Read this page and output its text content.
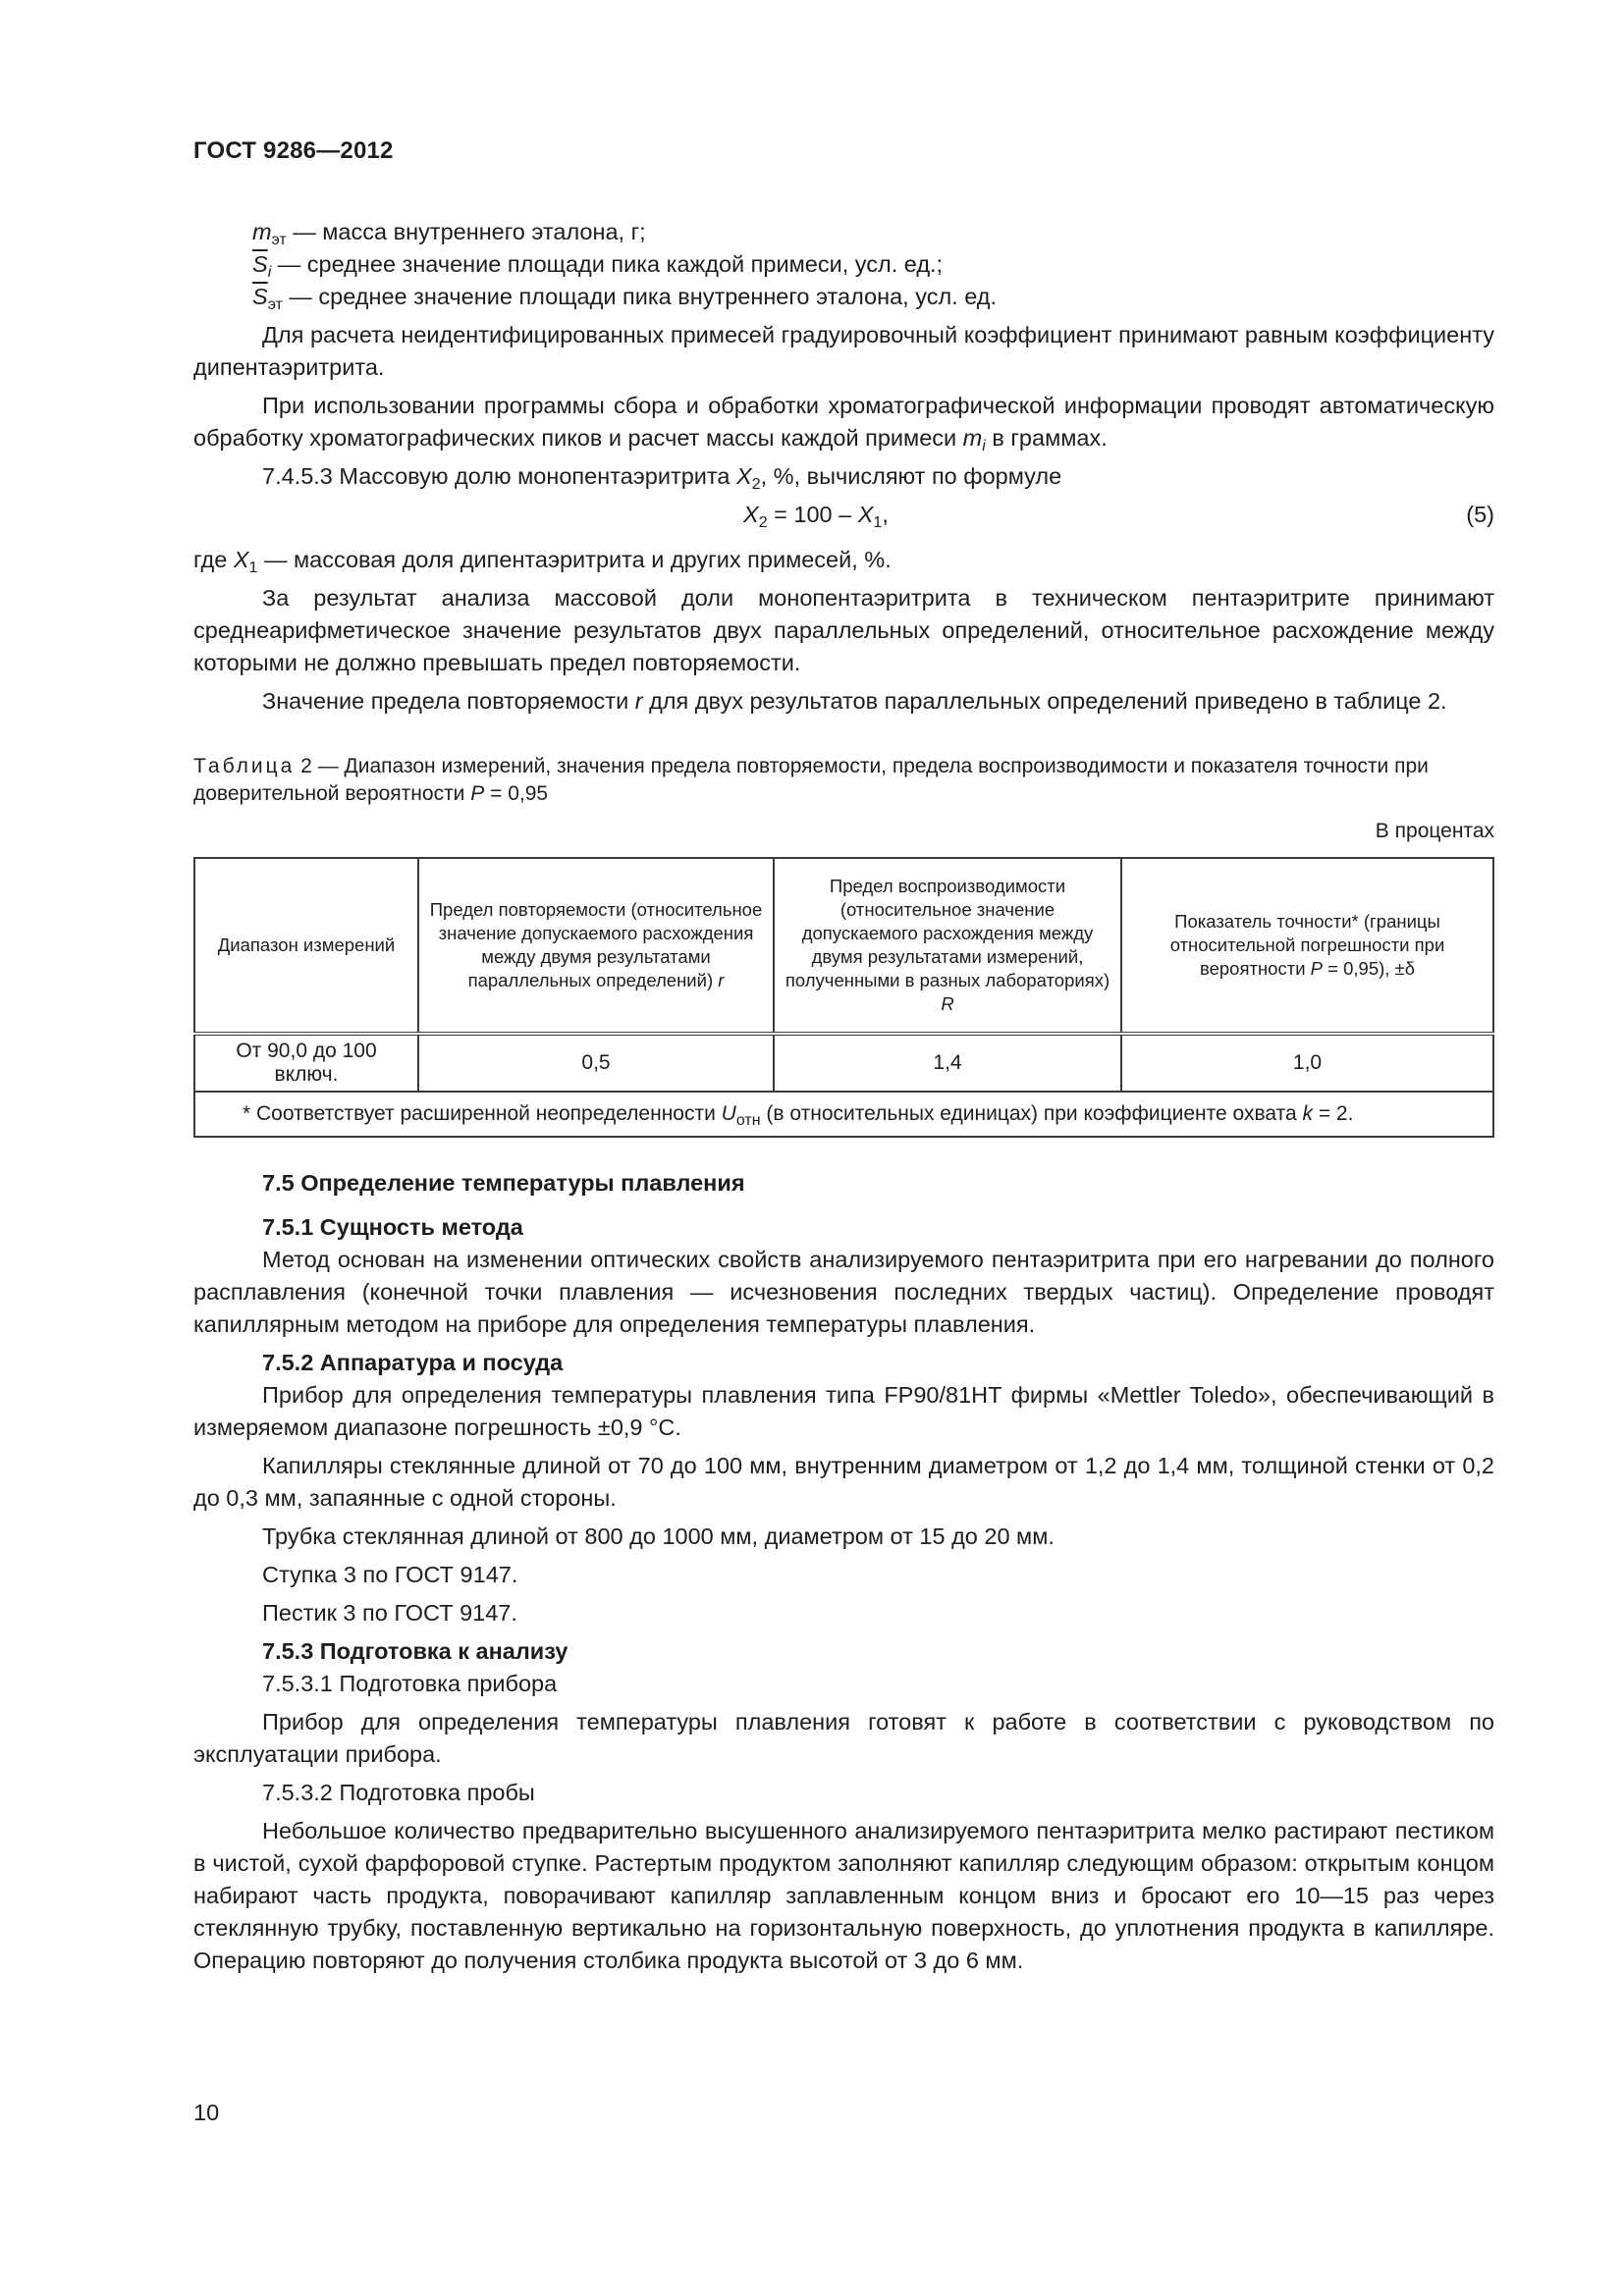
ГОСТ 9286—2012

$m_{эт}$ — масса внутреннего эталона, г;

$\overline{S}_i$ — среднее значение площади пика каждой примеси, усл. ед.;

$\overline{S}_{эт}$ — среднее значение площади пика внутреннего эталона, усл. ед.

Для расчета неидентифицированных примесей градуировочный коэффициент принимают равным коэффициенту дипентаэритрита.

При использовании программы сбора и обработки хроматографической информации проводят автоматическую обработку хроматографических пиков и расчет массы каждой примеси $m_i$ в граммах.

7.4.5.3 Массовую долю монопентаэритрита $X_2$, %, вычисляют по формуле

$X_2 = 100 - X_1$,	(5)

где $X_1$ — массовая доля дипентаэритрита и других примесей, %.

За результат анализа массовой доли монопентаэритрита в техническом пентаэритрите принимают среднеарифметическое значение результатов двух параллельных определений, относительное расхождение между которыми не должно превышать предел повторяемости.

Значение предела повторяемости r для двух результатов параллельных определений приведено в таблице 2.

Таблица 2 — Диапазон измерений, значения предела повторяемости, предела воспроизводимости и показателя точности при доверительной вероятности P = 0,95
В процентах
Диапазон измерений	Предел повторяемости (относительное значение допускаемого расхождения между двумя результатами параллельных определений) r	Предел воспроизводимости (относительное значение допускаемого расхождения между двумя результатами измерений, полученными в разных лабораториях) R	Показатель точности* (границы относительной погрешности при вероятности P = 0,95), ±δ
От 90,0 до 100 включ.	0,5	1,4	1,0
* Соответствует расширенной неопределенности $U_{отн}$ (в относительных единицах) при коэффициенте охвата k = 2.			
7.5 Определение температуры плавления
7.5.1 Сущность метода

Метод основан на изменении оптических свойств анализируемого пентаэритрита при его нагревании до полного расплавления (конечной точки плавления — исчезновения последних твердых частиц). Определение проводят капиллярным методом на приборе для определения температуры плавления.

7.5.2 Аппаратура и посуда

Прибор для определения температуры плавления типа FP90/81HT фирмы «Mettler Toledo», обеспечивающий в измеряемом диапазоне погрешность ±0,9 °С.

Капилляры стеклянные длиной от 70 до 100 мм, внутренним диаметром от 1,2 до 1,4 мм, толщиной стенки от 0,2 до 0,3 мм, запаянные с одной стороны.

Трубка стеклянная длиной от 800 до 1000 мм, диаметром от 15 до 20 мм.

Ступка 3 по ГОСТ 9147.

Пестик 3 по ГОСТ 9147.

7.5.3 Подготовка к анализу

7.5.3.1 Подготовка прибора

Прибор для определения температуры плавления готовят к работе в соответствии с руководством по эксплуатации прибора.

7.5.3.2 Подготовка пробы

Небольшое количество предварительно высушенного анализируемого пентаэритрита мелко растирают пестиком в чистой, сухой фарфоровой ступке. Растертым продуктом заполняют капилляр следующим образом: открытым концом набирают часть продукта, поворачивают капилляр заплавленным концом вниз и бросают его 10—15 раз через стеклянную трубку, поставленную вертикально на горизонтальную поверхность, до уплотнения продукта в капилляре. Операцию повторяют до получения столбика продукта высотой от 3 до 6 мм.

10
